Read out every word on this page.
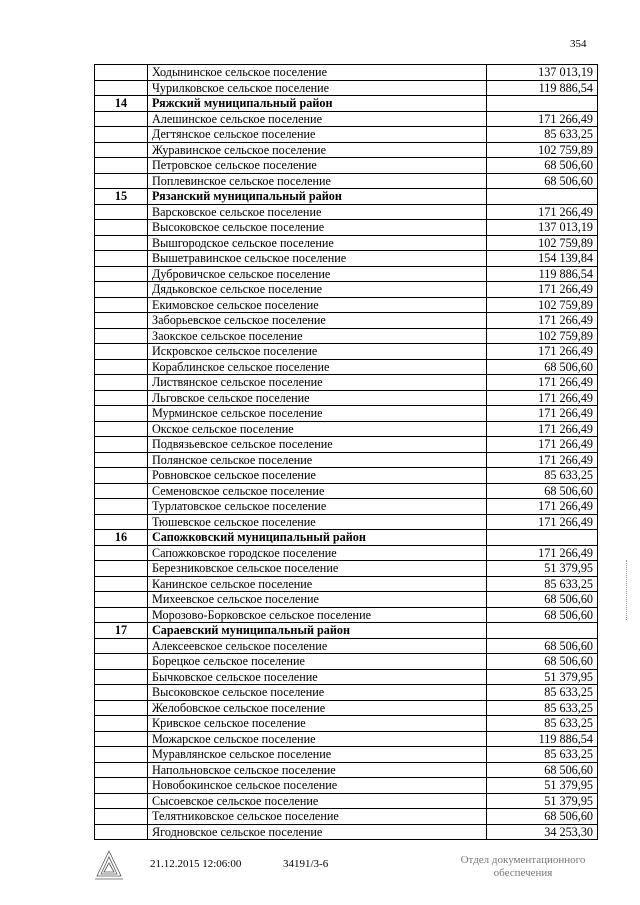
354
	Ходынинское сельское поселение	137 013,19
	Чурилковское сельское поселение	119 886,54
14	Ряжский муниципальный район	
	Алешинское сельское поселение	171 266,49
	Дегтянское сельское поселение	85 633,25
	Журавинское сельское поселение	102 759,89
	Петровское сельское поселение	68 506,60
	Поплевинское сельское поселение	68 506,60
15	Рязанский муниципальный район	
	Варсковское сельское поселение	171 266,49
	Высоковское сельское поселение	137 013,19
	Вышгородское сельское поселение	102 759,89
	Вышетравинское сельское поселение	154 139,84
	Дубровичское сельское поселение	119 886,54
	Дядьковское сельское поселение	171 266,49
	Екимовское сельское поселение	102 759,89
	Заборьевское сельское поселение	171 266,49
	Заокское сельское поселение	102 759,89
	Искровское сельское поселение	171 266,49
	Кораблинское сельское поселение	68 506,60
	Листвянское сельское поселение	171 266,49
	Льговское сельское поселение	171 266,49
	Мурминское сельское поселение	171 266,49
	Окское сельское поселение	171 266,49
	Подвязьевское сельское поселение	171 266,49
	Полянское сельское поселение	171 266,49
	Ровновское сельское поселение	85 633,25
	Семеновское сельское поселение	68 506,60
	Турлатовское сельское поселение	171 266,49
	Тюшевское сельское поселение	171 266,49
16	Сапожковский муниципальный район	
	Сапожковское городское поселение	171 266,49
	Березниковское сельское поселение	51 379,95
	Канинское сельское поселение	85 633,25
	Михеевское сельское поселение	68 506,60
	Морозово-Борковское сельское поселение	68 506,60
17	Сараевский муниципальный район	
	Алексеевское сельское поселение	68 506,60
	Борецкое сельское поселение	68 506,60
	Бычковское сельское поселение	51 379,95
	Высоковское сельское поселение	85 633,25
	Желобовское сельское поселение	85 633,25
	Кривское сельское поселение	85 633,25
	Можарское сельское поселение	119 886,54
	Муравлянское сельское поселение	85 633,25
	Напольновское сельское поселение	68 506,60
	Новобокинское сельское поселение	51 379,95
	Сысоевское сельское поселение	51 379,95
	Телятниковское сельское поселение	68 506,60
	Ягодновское сельское поселение	34 253,30
21.12.2015 12:06:00	34191/3-6	Отдел документационного
обеспечения
